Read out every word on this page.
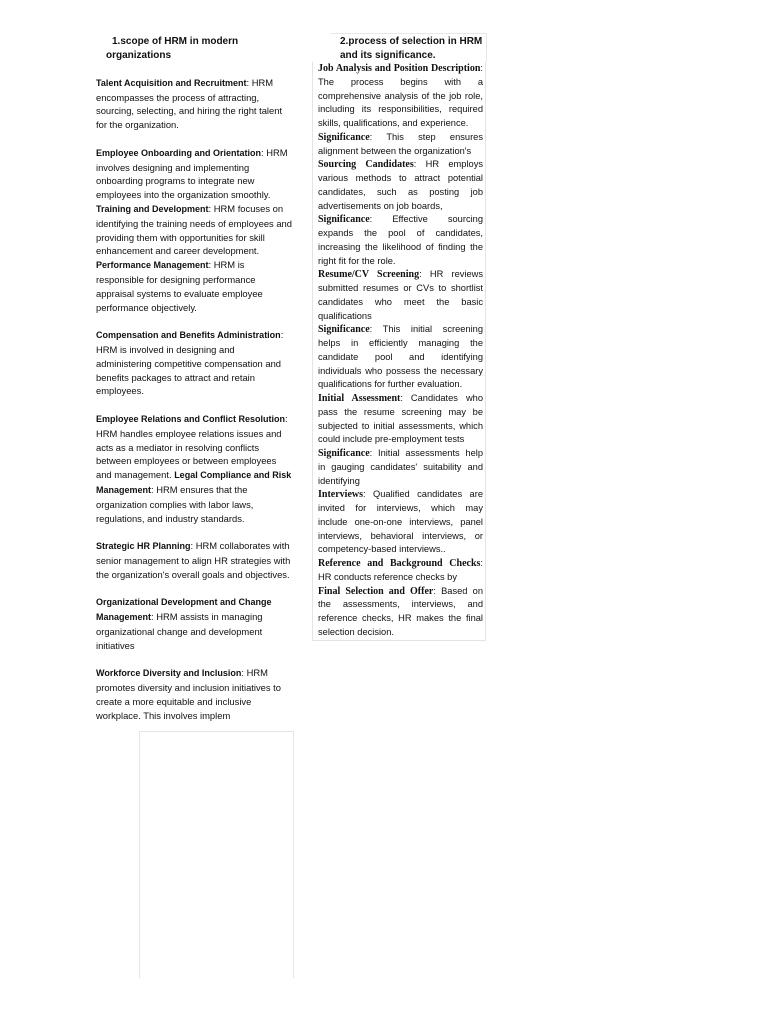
1.scope of HRM in modern
organizations

Talent Acquisition and Recruitment: HRM encompasses the process of attracting, sourcing, selecting, and hiring the right talent for the organization.

Employee Onboarding and Orientation: HRM involves designing and implementing onboarding programs to integrate new employees into the organization smoothly.

Training and Development: HRM focuses on identifying the training needs of employees and providing them with opportunities for skill enhancement and career development.

Performance Management: HRM is responsible for designing performance appraisal systems to evaluate employee performance objectively.

Compensation and Benefits Administration: HRM is involved in designing and administering competitive compensation and benefits packages to attract and retain employees.

Employee Relations and Conflict Resolution: HRM handles employee relations issues and acts as a mediator in resolving conflicts between employees or between employees and management. Legal Compliance and Risk Management: HRM ensures that the organization complies with labor laws, regulations, and industry standards.

Strategic HR Planning: HRM collaborates with senior management to align HR strategies with the organization's overall goals and objectives.

Organizational Development and Change Management: HRM assists in managing organizational change and development initiatives

Workforce Diversity and Inclusion: HRM promotes diversity and inclusion initiatives to create a more equitable and inclusive workplace. This involves implem

2.process of selection in HRM
and its significance.

Job Analysis and Position Description: The process begins with a comprehensive analysis of the job role, including its responsibilities, required skills, qualifications, and experience.

Significance: This step ensures alignment between the organization's

Sourcing Candidates: HR employs various methods to attract potential candidates, such as posting job advertisements on job boards,

Significance: Effective sourcing expands the pool of candidates, increasing the likelihood of finding the right fit for the role.

Resume/CV Screening: HR reviews submitted resumes or CVs to shortlist candidates who meet the basic qualifications

Significance: This initial screening helps in efficiently managing the candidate pool and identifying individuals who possess the necessary qualifications for further evaluation.

Initial Assessment: Candidates who pass the resume screening may be subjected to initial assessments, which could include pre-employment tests

Significance: Initial assessments help in gauging candidates' suitability and identifying

Interviews: Qualified candidates are invited for interviews, which may include one-on-one interviews, panel interviews, behavioral interviews, or competency-based interviews..

Reference and Background Checks: HR conducts reference checks by

Final Selection and Offer: Based on the assessments, interviews, and reference checks, HR makes the final selection decision.
